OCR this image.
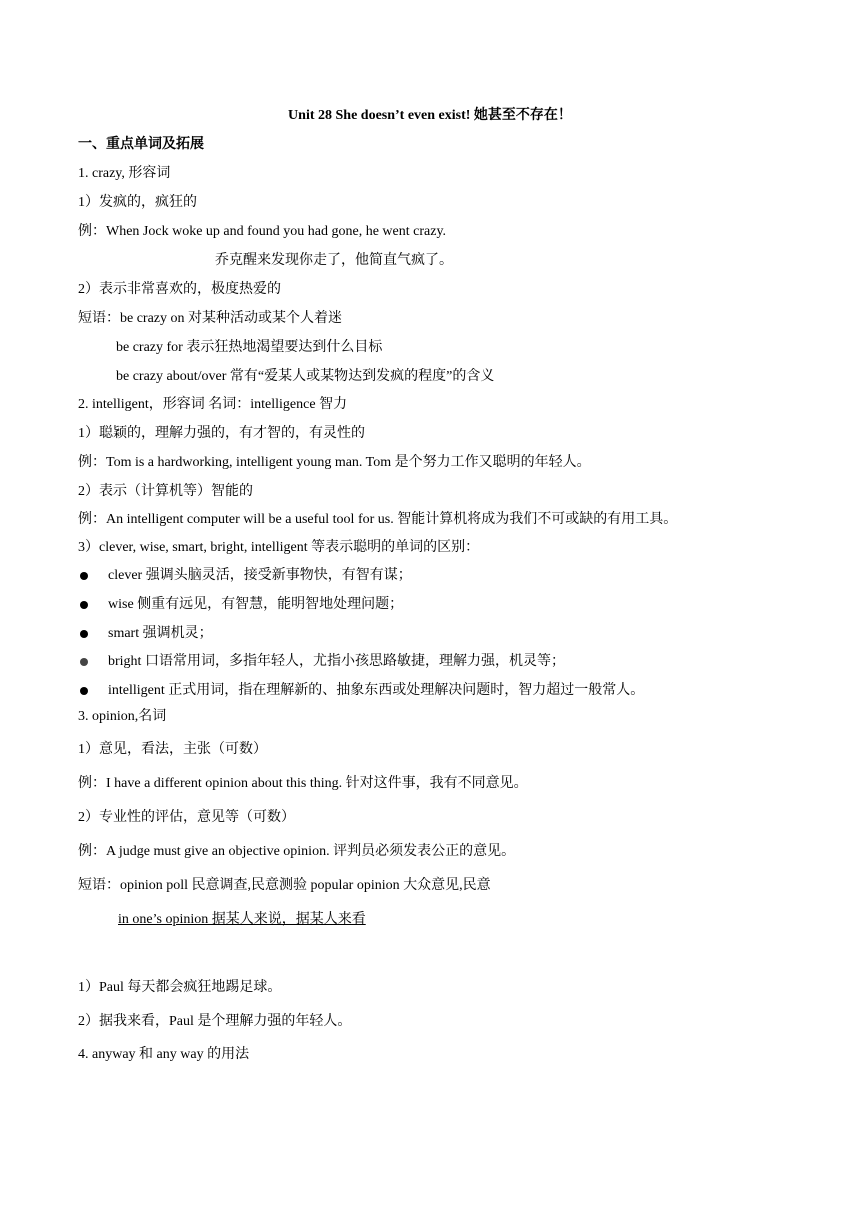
Unit 28 She doesn’t even exist! 她甚至不存在！
一、重点单词及拓展
1. crazy, 形容词
1）发疯的，疯狂的
例：When Jock woke up and found you had gone, he went crazy.
乔克醒来发现你走了，他简直气疯了。
2）表示非常喜欢的，极度热爱的
短语：be crazy on 对某种活动或某个人着迷
be crazy for 表示狂热地渴望要达到什么目标
be crazy about/over 常有“爱某人或某物达到发疯的程度”的含义
2. intelligent，形容词 名词：intelligence 智力
1）聪颖的，理解力强的，有才智的，有灵性的
例：Tom is a hardworking, intelligent young man. Tom 是个努力工作又聪明的年轻人。
2）表示（计算机等）智能的
例：An intelligent computer will be a useful tool for us. 智能计算机将成为我们不可或缺的有用工具。
3）clever, wise, smart, bright, intelligent 等表示聪明的单词的区别：
clever 强调头脑灵活，接受新事物快，有智有谋；
wise 侧重有远见，有智慧，能明智地处理问题；
smart 强调机灵；
bright 口语常用词，多指年轻人，尤指小孩思路敏捷，理解力强，机灵等；
intelligent 正式用词，指在理解新的、抽象东西或处理解决问题时，智力超过一般常人。
3. opinion,名词
1）意见，看法，主张（可数）
例：I have a different opinion about this thing. 针对这件事，我有不同意见。
2）专业性的评估，意见等（可数）
例：A judge must give an objective opinion. 评判员必须发表公正的意见。
短语：opinion poll 民意调查,民意测验 popular opinion 大众意见,民意
in one’s opinion 据某人来说，据某人来看
1）Paul 每天都会疯狂地踢足球。
2）据我来看，Paul 是个理解力强的年轻人。
4. anyway 和 any way 的用法
